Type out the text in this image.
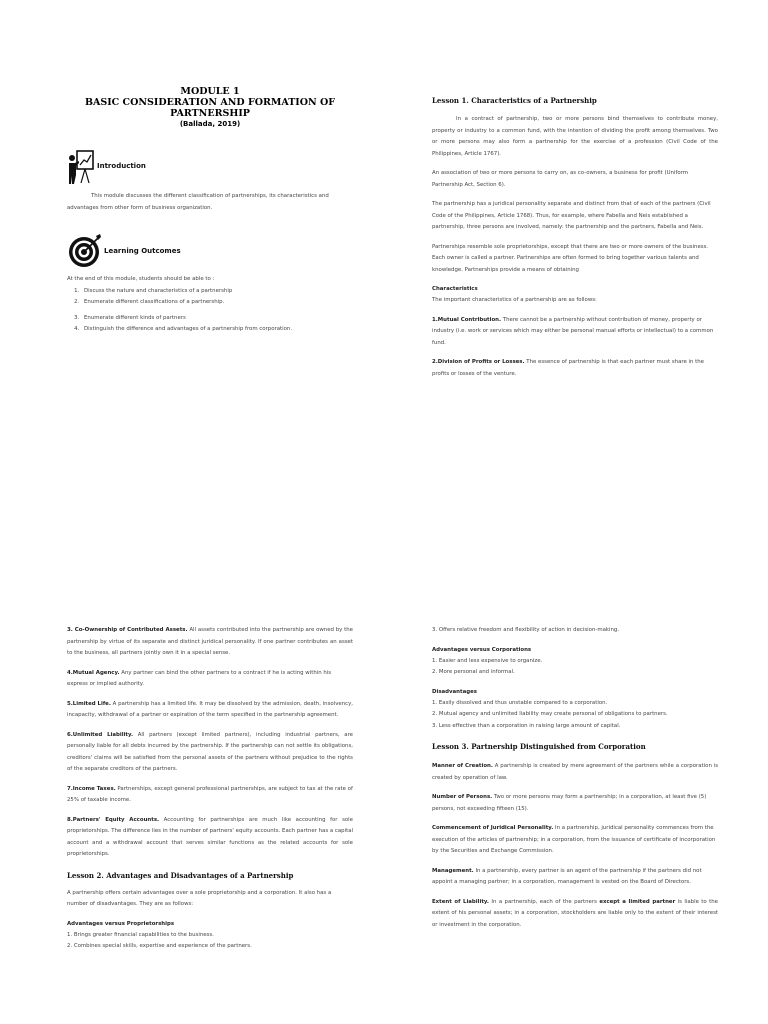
MODULE 1
BASIC CONSIDERATION AND FORMATION OF
PARTNERSHIP
(Ballada, 2019)
Introduction

This module discusses the different classification of partnerships, its characteristics and advantages from other form of business organization.

Learning Outcomes

At the end of this module, students should be able to :

1. Discuss the nature and characteristics of a partnership
2. Enumerate different classifications of a partnership.
3. Enumerate different kinds of partners
4. Distinguish the difference and advantages of a partnership from corporation.
Lesson 1. Characteristics of a Partnership

In a contract of partnership, two or more persons bind themselves to contribute money, property or industry to a common fund, with the intention of dividing the profit among themselves. Two or more persons may also form a partnership for the exercise of a profession (Civil Code of the Philippines, Article 1767).

An association of two or more persons to carry on, as co-owners, a business for profit (Uniform Partnership Act, Section 6).

The partnership has a juridical personality separate and distinct from that of each of the partners (Civil Code of the Philippines, Article 1768). Thus, for example, where Fabella and Neis established a partnership, three persons are involved, namely: the partnership and the partners, Fabella and Neis.

Partnerships resemble sole proprietorships, except that there are two or more owners of the business. Each owner is called a partner. Partnerships are often formed to bring together various talents and knowledge. Partnerships provide a means of obtaining

Characteristics

The important characteristics of a partnership are as follows:

1.Mutual Contribution. There cannot be a partnership without contribution of money, property or industry (i.e. work or services which may either be personal manual efforts or intellectual) to a common fund.

2.Division of Profits or Losses. The essence of partnership is that each partner must share in the profits or losses of the venture.

3. Co-Ownership of Contributed Assets. All assets contributed into the partnership are owned by the partnership by virtue of its separate and distinct juridical personality. If one partner contributes an asset to the business, all partners jointly own it in a special sense.

4.Mutual Agency. Any partner can bind the other partners to a contract if he is acting within his express or implied authority.

5.Limited Life. A partnership has a limited life. It may be dissolved by the admission, death, insolvency, incapacity, withdrawal of a partner or expiration of the term specified in the partnership agreement.

6.Unlimited Liability. All partners (except limited partners), including industrial partners, are personally liable for all debts incurred by the partnership. If the partnership can not settle its obligations, creditors' claims will be satisfied from the personal assets of the partners without prejudice to the rights of the separate creditors of the partners.

7.Income Taxes. Partnerships, except general professional partnerships, are subject to tax at the rate of 25% of taxable income.

8.Partners' Equity Accounts. Accounting for partnerships are much like accounting for sole proprietorships. The difference lies in the number of partners' equity accounts. Each partner has a capital account and a withdrawal account that serves similar functions as the related accounts for sole proprietorships.

Lesson 2. Advantages and Disadvantages of a Partnership

A partnership offers certain advantages over a sole proprietorship and a corporation. It also has a number of disadvantages. They are as follows:

Advantages versus Proprietorships
1. Brings greater financial capabilities to the business.
2. Combines special skills, expertise and experience of the partners.
3. Offers relative freedom and flexibility of action in decision-making.
Advantages versus Corporations
1. Easier and less expensive to organize.
2. More personal and informal.
Disadvantages
1. Easily dissolved and thus unstable compared to a corporation.
2. Mutual agency and unlimited liability may create personal of obligations to partners.
3. Less effective than a corporation in raising large amount of capital.
Lesson 3. Partnership Distinguished from Corporation

Manner of Creation. A partnership is created by mere agreement of the partners while a corporation is created by operation of law.

Number of Persons. Two or more persons may form a partnership; in a corporation, at least five (5) persons, not exceeding fifteen (15).

Commencement of Juridical Personality. In a partnership, juridical personality commences from the execution of the articles of partnership; in a corporation, from the issuance of certificate of incorporation by the Securities and Exchange Commission.

Management. In a partnership, every partner is an agent of the partnership if the partners did not appoint a managing partner; in a corporation, management is vested on the Board of Directors.

Extent of Liability. In a partnership, each of the partners except a limited partner is liable to the extent of his personal assets; in a corporation, stockholders are liable only to the extent of their interest or investment in the corporation.
